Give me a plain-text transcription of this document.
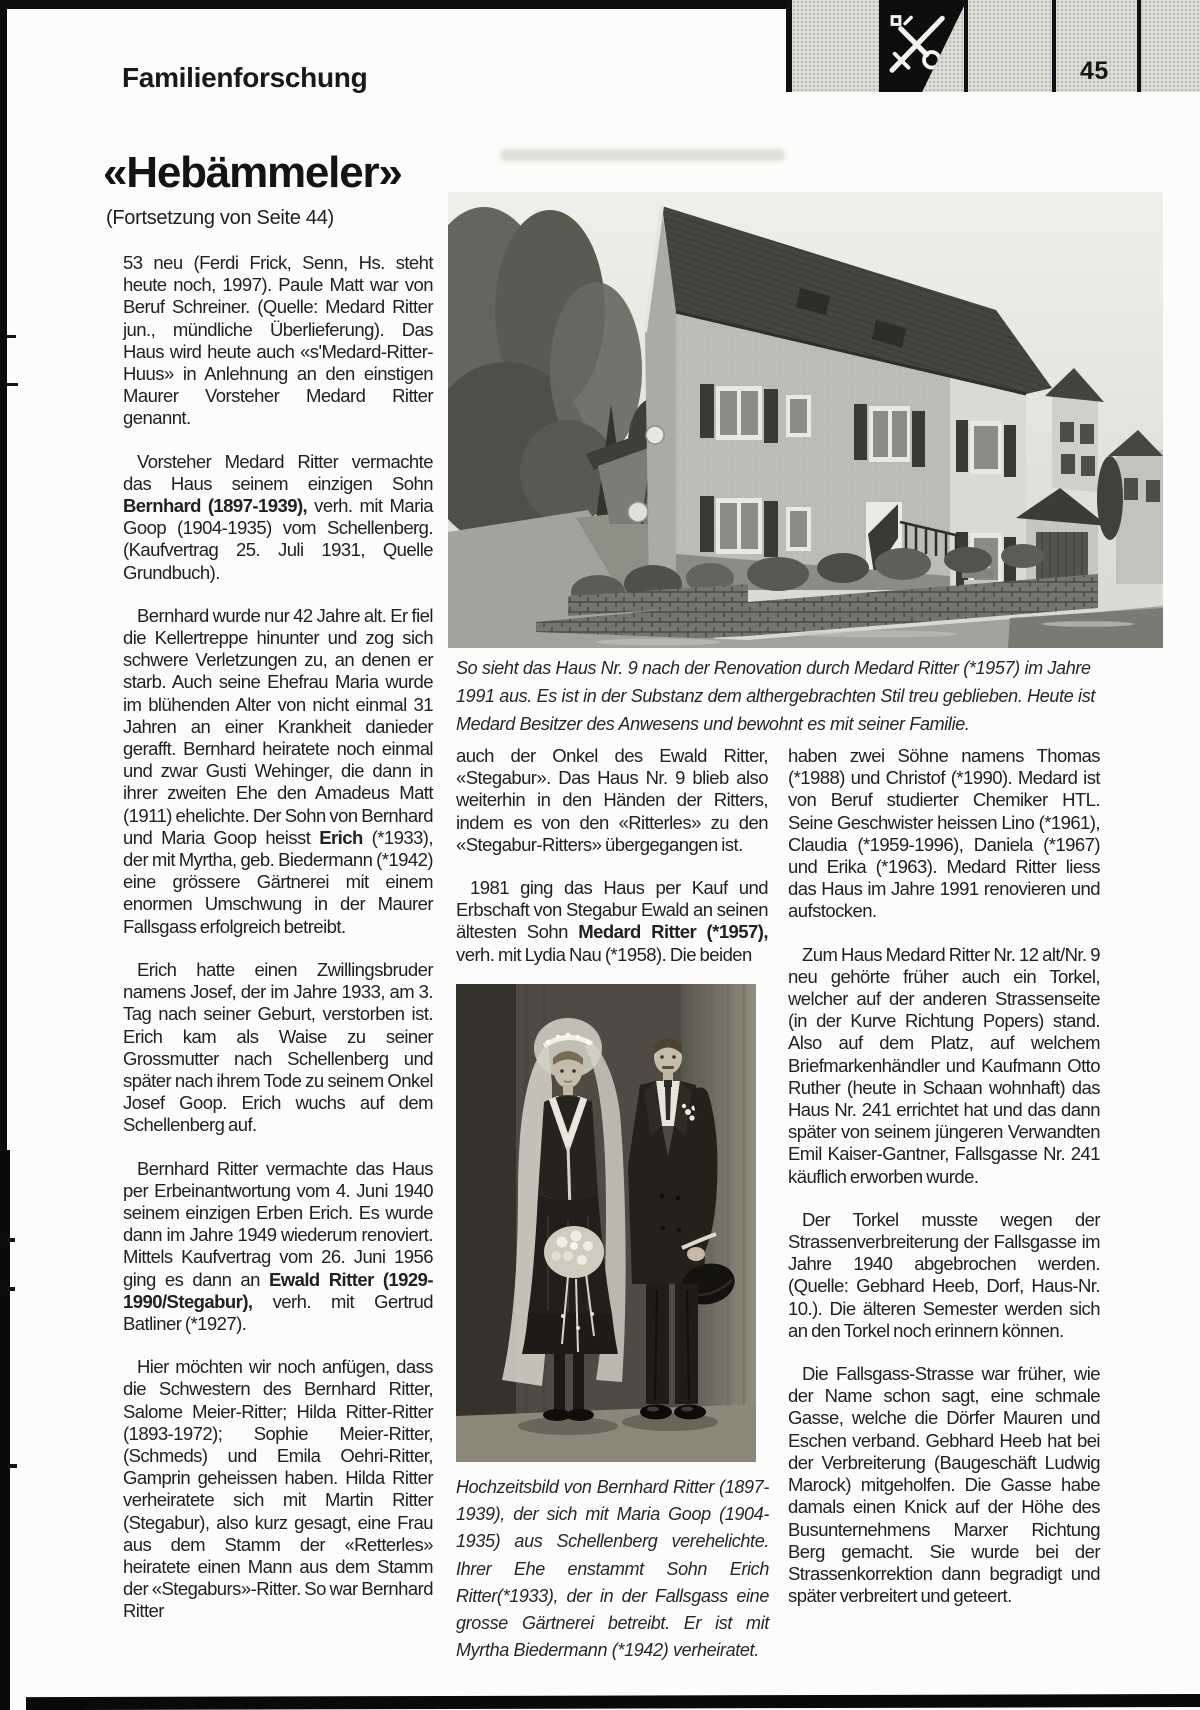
45
Familienforschung
«Hebämmeler»
(Fortsetzung von Seite 44)

53 neu (Ferdi Frick, Senn, Hs. steht heute noch, 1997). Paule Matt war von Beruf Schreiner. (Quelle: Medard Ritter jun., mündliche Überlieferung). Das Haus wird heute auch «s'Medard-Ritter-Huus» in Anlehnung an den einstigen Maurer Vorsteher Medard Ritter genannt.

Vorsteher Medard Ritter vermachte das Haus seinem einzigen Sohn Bernhard (1897-1939), verh. mit Maria Goop (1904-1935) vom Schellenberg. (Kaufvertrag 25. Juli 1931, Quelle Grundbuch).

Bernhard wurde nur 42 Jahre alt. Er fiel die Kellertreppe hinunter und zog sich schwere Verletzungen zu, an denen er starb. Auch seine Ehefrau Maria wurde im blühenden Alter von nicht einmal 31 Jahren an einer Krankheit danieder gerafft. Bernhard heiratete noch einmal und zwar Gusti Wehinger, die dann in ihrer zweiten Ehe den Amadeus Matt (1911) ehelichte. Der Sohn von Bernhard und Maria Goop heisst Erich (*1933), der mit Myrtha, geb. Biedermann (*1942) eine grössere Gärtnerei mit einem enormen Umschwung in der Maurer Fallsgass erfolgreich betreibt.

Erich hatte einen Zwillingsbruder namens Josef, der im Jahre 1933, am 3. Tag nach seiner Geburt, verstorben ist. Erich kam als Waise zu seiner Grossmutter nach Schellenberg und später nach ihrem Tode zu seinem Onkel Josef Goop. Erich wuchs auf dem Schellenberg auf.

Bernhard Ritter vermachte das Haus per Erbeinantwortung vom 4. Juni 1940 seinem einzigen Erben Erich. Es wurde dann im Jahre 1949 wiederum renoviert. Mittels Kaufvertrag vom 26. Juni 1956 ging es dann an Ewald Ritter (1929-1990/Stegabur), verh. mit Gertrud Batliner (*1927).

Hier möchten wir noch anfügen, dass die Schwestern des Bernhard Ritter, Salome Meier-Ritter; Hilda Ritter-Ritter (1893-1972); Sophie Meier-Ritter, (Schmeds) und Emila Oehri-Ritter, Gamprin geheissen haben. Hilda Ritter verheiratete sich mit Martin Ritter (Stegabur), also kurz gesagt, eine Frau aus dem Stamm der «Retterles» heiratete einen Mann aus dem Stamm der «Stegaburs»-Ritter. So war Bernhard Ritter

auch der Onkel des Ewald Ritter, «Stegabur». Das Haus Nr. 9 blieb also weiterhin in den Händen der Ritters, indem es von den «Ritterles» zu den «Stegabur-Ritters» übergegangen ist.

1981 ging das Haus per Kauf und Erbschaft von Stegabur Ewald an seinen ältesten Sohn Medard Ritter (*1957), verh. mit Lydia Nau (*1958). Die beiden

haben zwei Söhne namens Thomas (*1988) und Christof (*1990). Medard ist von Beruf studierter Chemiker HTL. Seine Geschwister heissen Lino (*1961), Claudia (*1959-1996), Daniela (*1967) und Erika (*1963). Medard Ritter liess das Haus im Jahre 1991 renovieren und aufstocken.

Zum Haus Medard Ritter Nr. 12 alt/Nr. 9 neu gehörte früher auch ein Torkel, welcher auf der anderen Strassenseite (in der Kurve Richtung Popers) stand. Also auf dem Platz, auf welchem Briefmarkenhändler und Kaufmann Otto Ruther (heute in Schaan wohnhaft) das Haus Nr. 241 errichtet hat und das dann später von seinem jüngeren Verwandten Emil Kaiser-Gantner, Fallsgasse Nr. 241 käuflich erworben wurde.

Der Torkel musste wegen der Strassenverbreiterung der Fallsgasse im Jahre 1940 abgebrochen werden. (Quelle: Gebhard Heeb, Dorf, Haus-Nr. 10.). Die älteren Semester werden sich an den Torkel noch erinnern können.

Die Fallsgass-Strasse war früher, wie der Name schon sagt, eine schmale Gasse, welche die Dörfer Mauren und Eschen verband. Gebhard Heeb hat bei der Verbreiterung (Baugeschäft Ludwig Marock) mitgeholfen. Die Gasse habe damals einen Knick auf der Höhe des Busunternehmens Marxer Richtung Berg gemacht. Sie wurde bei der Strassenkorrektion dann begradigt und später verbreitert und geteert.

So sieht das Haus Nr. 9 nach der Renovation durch Medard Ritter (*1957) im Jahre 1991 aus. Es ist in der Substanz dem althergebrachten Stil treu geblieben. Heute ist Medard Besitzer des Anwesens und bewohnt es mit seiner Familie.
Hochzeitsbild von Bernhard Ritter (1897-1939), der sich mit Maria Goop (1904-1935) aus Schellenberg verehelichte. Ihrer Ehe enstammt Sohn Erich Ritter(*1933), der in der Fallsgass eine grosse Gärtnerei betreibt. Er ist mit Myrtha Biedermann (*1942) verheiratet.
